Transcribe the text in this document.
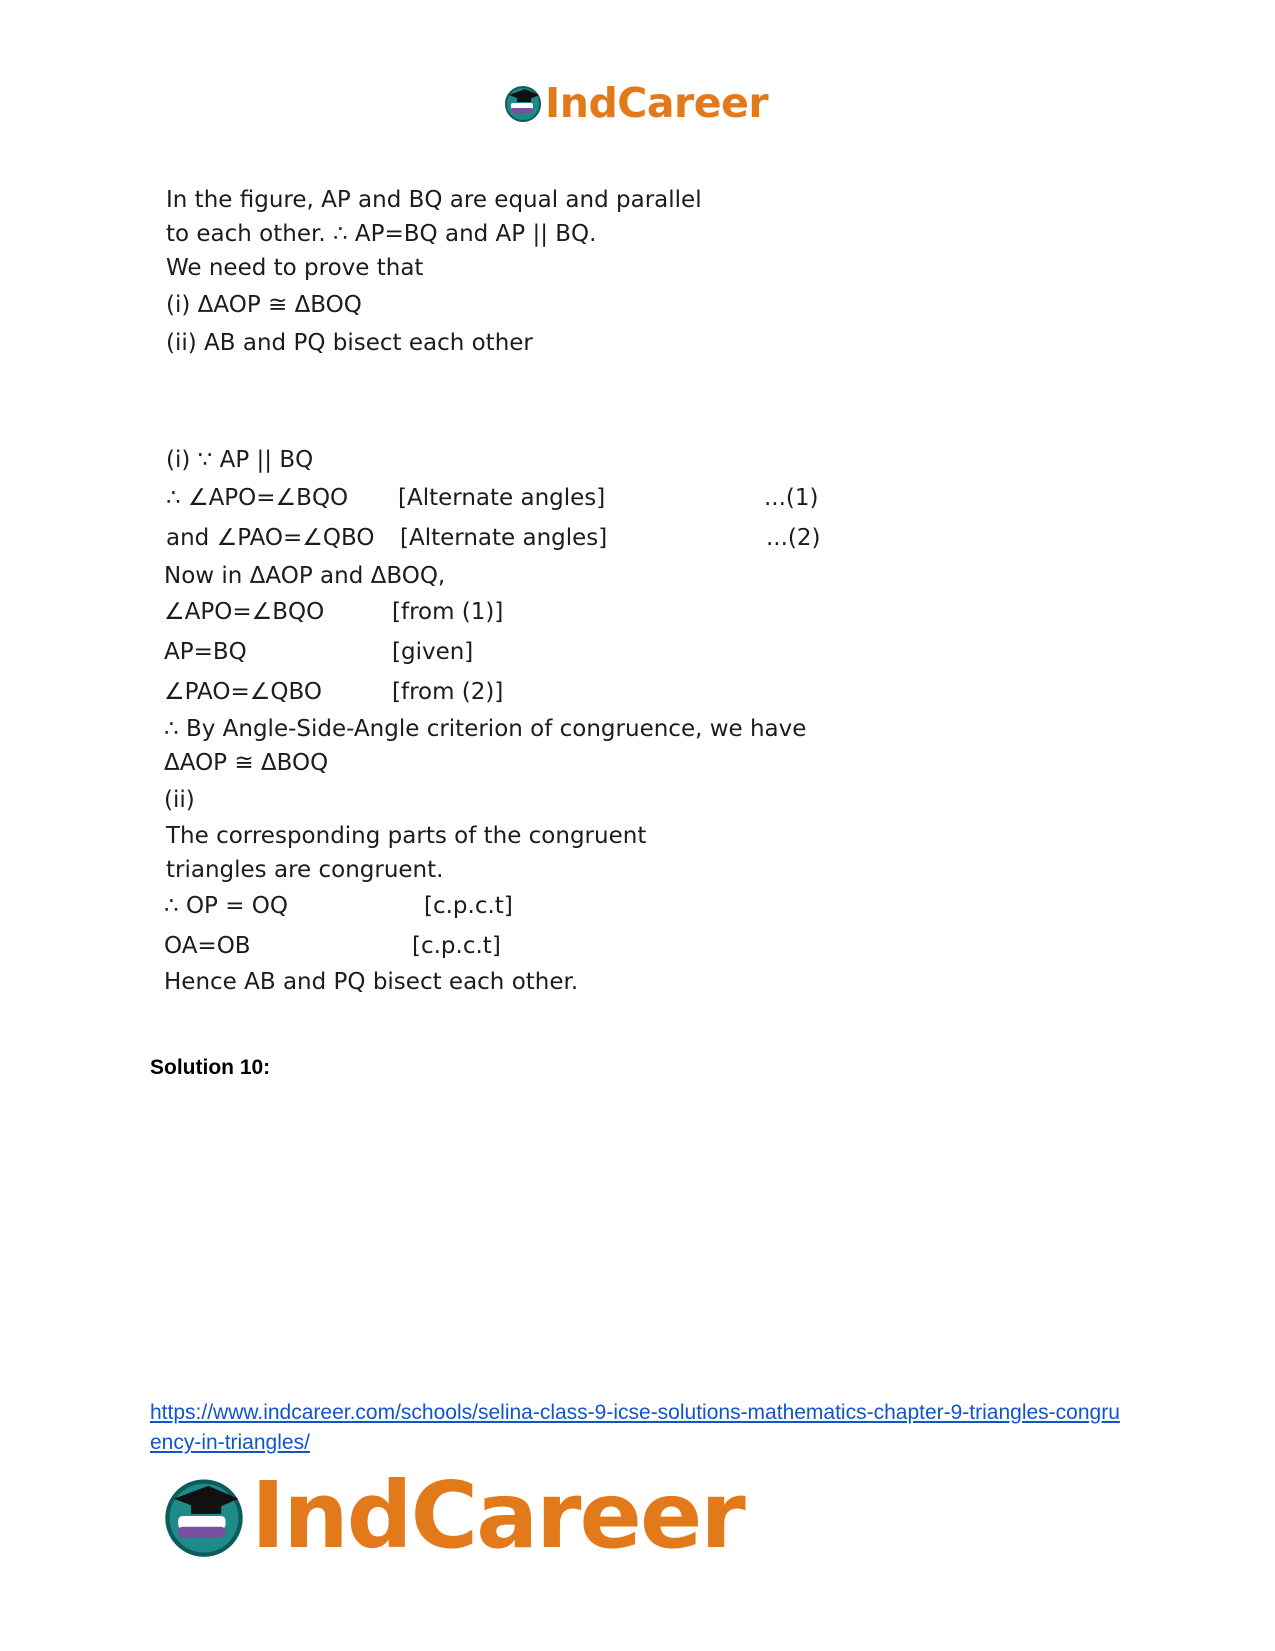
IndCareer
In the figure, AP and BQ are equal and parallel
to each other. ∴ AP=BQ and AP || BQ.
We need to prove that
(i) ΔAOP ≅ ΔBOQ
(ii) AB and PQ bisect each other
(i) ∵ AP || BQ
∴ ∠APO=∠BQO [Alternate angles]	...(1)
and ∠PAO=∠QBO [Alternate angles]	...(2)
Now in ΔAOP and ΔBOQ,
∠APO=∠BQO	[from (1)]
AP=BQ	[given]
∠PAO=∠QBO	[from (2)]
∴ By Angle-Side-Angle criterion of congruence, we have
ΔAOP ≅ ΔBOQ
(ii)
The corresponding parts of the congruent
triangles are congruent.
∴ OP = OQ	[c.p.c.t]
OA=OB	[c.p.c.t]
Hence AB and PQ bisect each other.
Solution 10:
https://www.indcareer.com/schools/selina-class-9-icse-solutions-mathematics-chapter-9-triangles-congruency-in-triangles/
IndCareer
